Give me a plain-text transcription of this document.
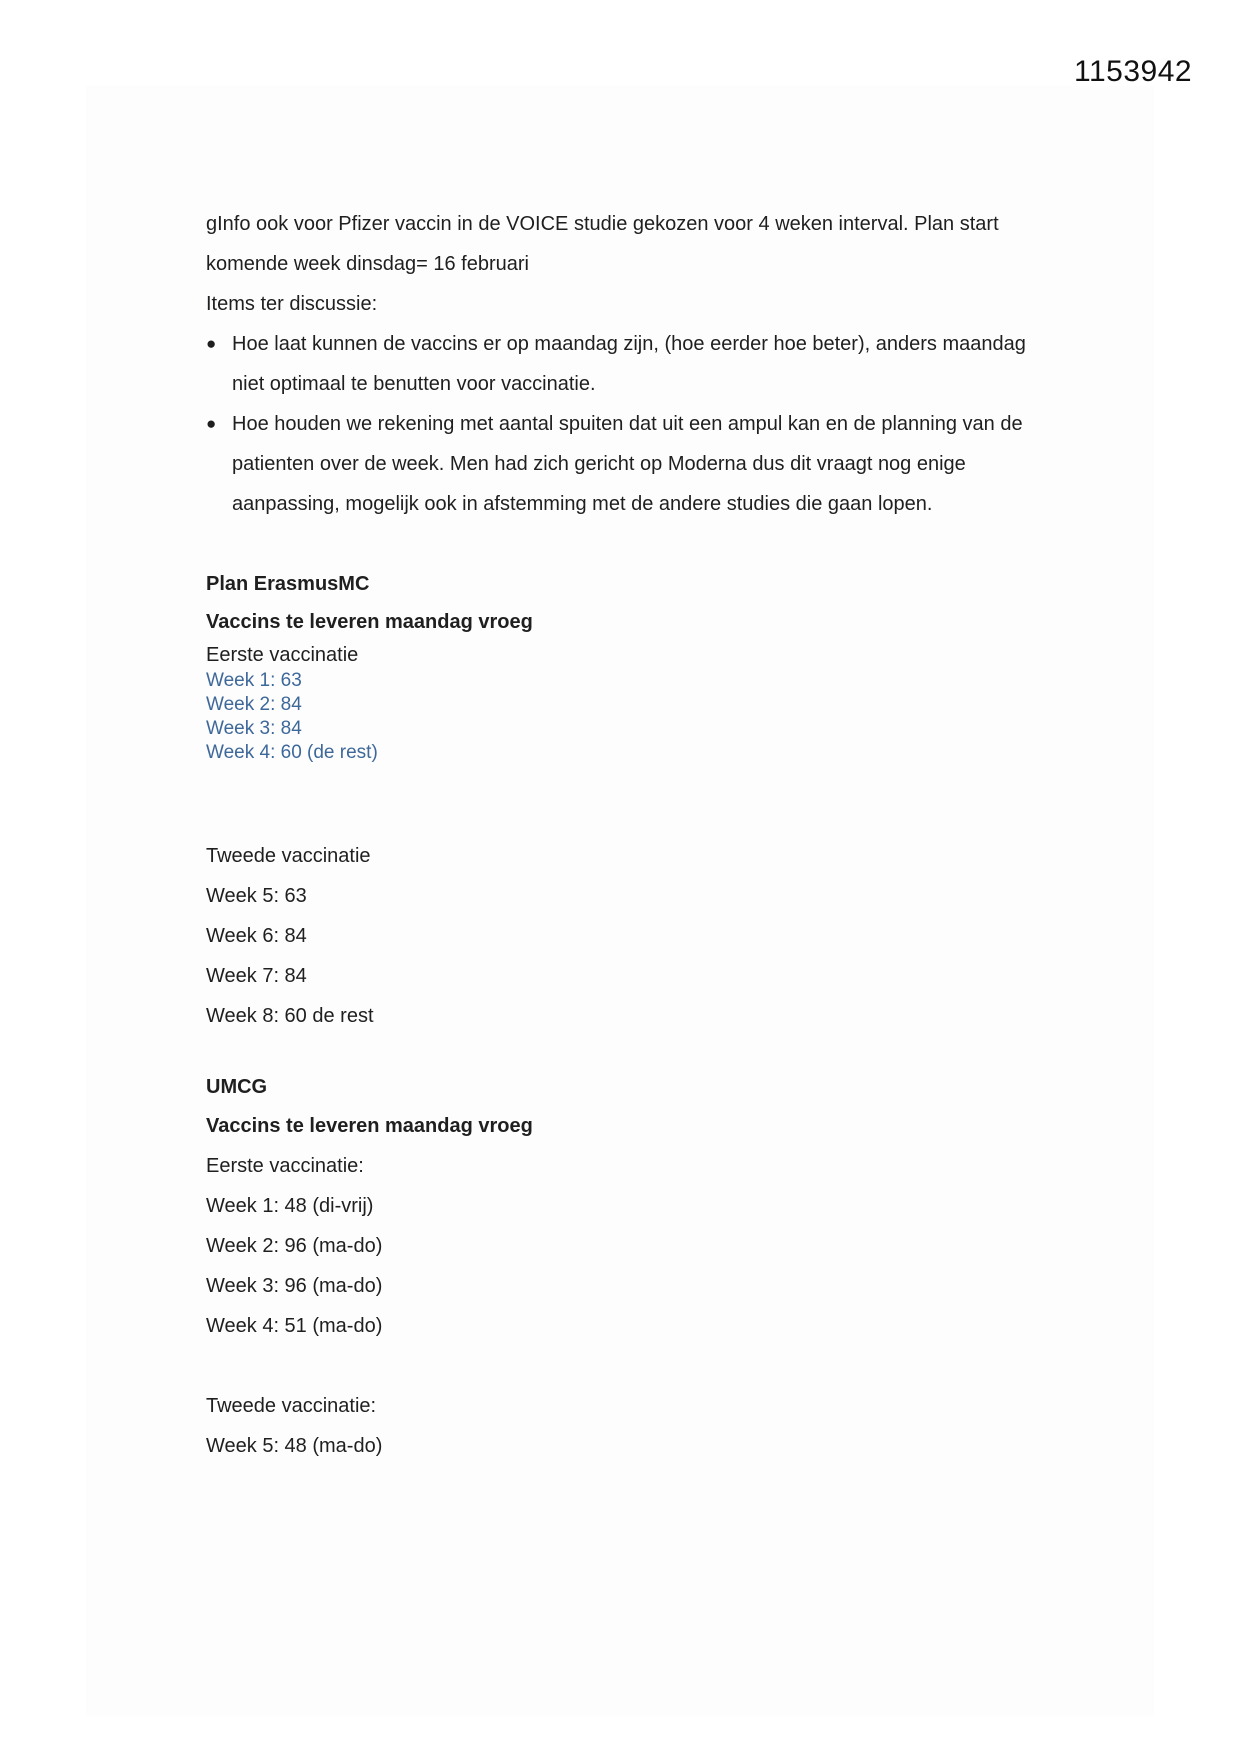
1153942
gInfo ook voor Pfizer vaccin in de VOICE studie gekozen voor 4 weken interval. Plan start
komende week dinsdag= 16 februari
Items ter discussie:
● Hoe laat kunnen de vaccins er op maandag zijn, (hoe eerder hoe beter), anders maandag
niet optimaal te benutten voor vaccinatie.
● Hoe houden we rekening met aantal spuiten dat uit een ampul kan en de planning van de
patienten over de week. Men had zich gericht op Moderna dus dit vraagt nog enige
aanpassing, mogelijk ook in afstemming met de andere studies die gaan lopen.
Plan ErasmusMC
Vaccins te leveren maandag vroeg
Eerste vaccinatie
Week 1: 63
Week 2: 84
Week 3: 84
Week 4: 60 (de rest)
Tweede vaccinatie
Week 5: 63
Week 6: 84
Week 7: 84
Week 8: 60 de rest
UMCG
Vaccins te leveren maandag vroeg
Eerste vaccinatie:
Week 1: 48 (di-vrij)
Week 2: 96 (ma-do)
Week 3: 96 (ma-do)
Week 4: 51 (ma-do)
Tweede vaccinatie:
Week 5: 48 (ma-do)
